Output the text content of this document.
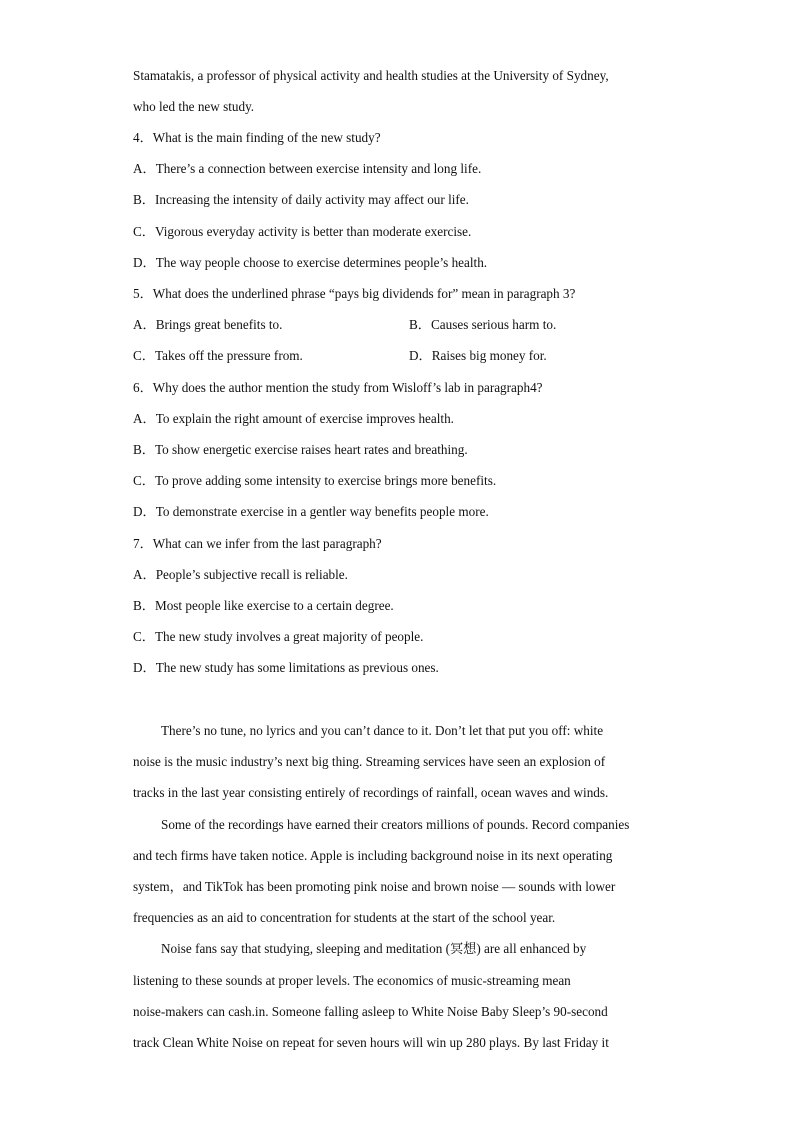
Stamatakis, a professor of physical activity and health studies at the University of Sydney,
who led the new study.
4．What is the main finding of the new study?
A．There’s a connection between exercise intensity and long life.
B．Increasing the intensity of daily activity may affect our life.
C．Vigorous everyday activity is better than moderate exercise.
D．The way people choose to exercise determines people’s health.
5．What does the underlined phrase “pays big dividends for” mean in paragraph 3?
A．Brings great benefits to.	B．Causes serious harm to.
C．Takes off the pressure from.	D．Raises big money for.
6．Why does the author mention the study from Wisloff’s lab in paragraph4?
A．To explain the right amount of exercise improves health.
B．To show energetic exercise raises heart rates and breathing.
C．To prove adding some intensity to exercise brings more benefits.
D．To demonstrate exercise in a gentler way benefits people more.
7．What can we infer from the last paragraph?
A．People’s subjective recall is reliable.
B．Most people like exercise to a certain degree.
C．The new study involves a great majority of people.
D．The new study has some limitations as previous ones.
There’s no tune, no lyrics and you can’t dance to it. Don’t let that put you off: white
noise is the music industry’s next big thing. Streaming services have seen an explosion of
tracks in the last year consisting entirely of recordings of rainfall, ocean waves and winds.
Some of the recordings have earned their creators millions of pounds. Record companies
and tech firms have taken notice. Apple is including background noise in its next operating
system，and TikTok has been promoting pink noise and brown noise — sounds with lower
frequencies as an aid to concentration for students at the start of the school year.
Noise fans say that studying, sleeping and meditation (冥想) are all enhanced by
listening to these sounds at proper levels. The economics of music-streaming mean
noise-makers can cash.in. Someone falling asleep to White Noise Baby Sleep’s 90-second
track Clean White Noise on repeat for seven hours will win up 280 plays. By last Friday it
